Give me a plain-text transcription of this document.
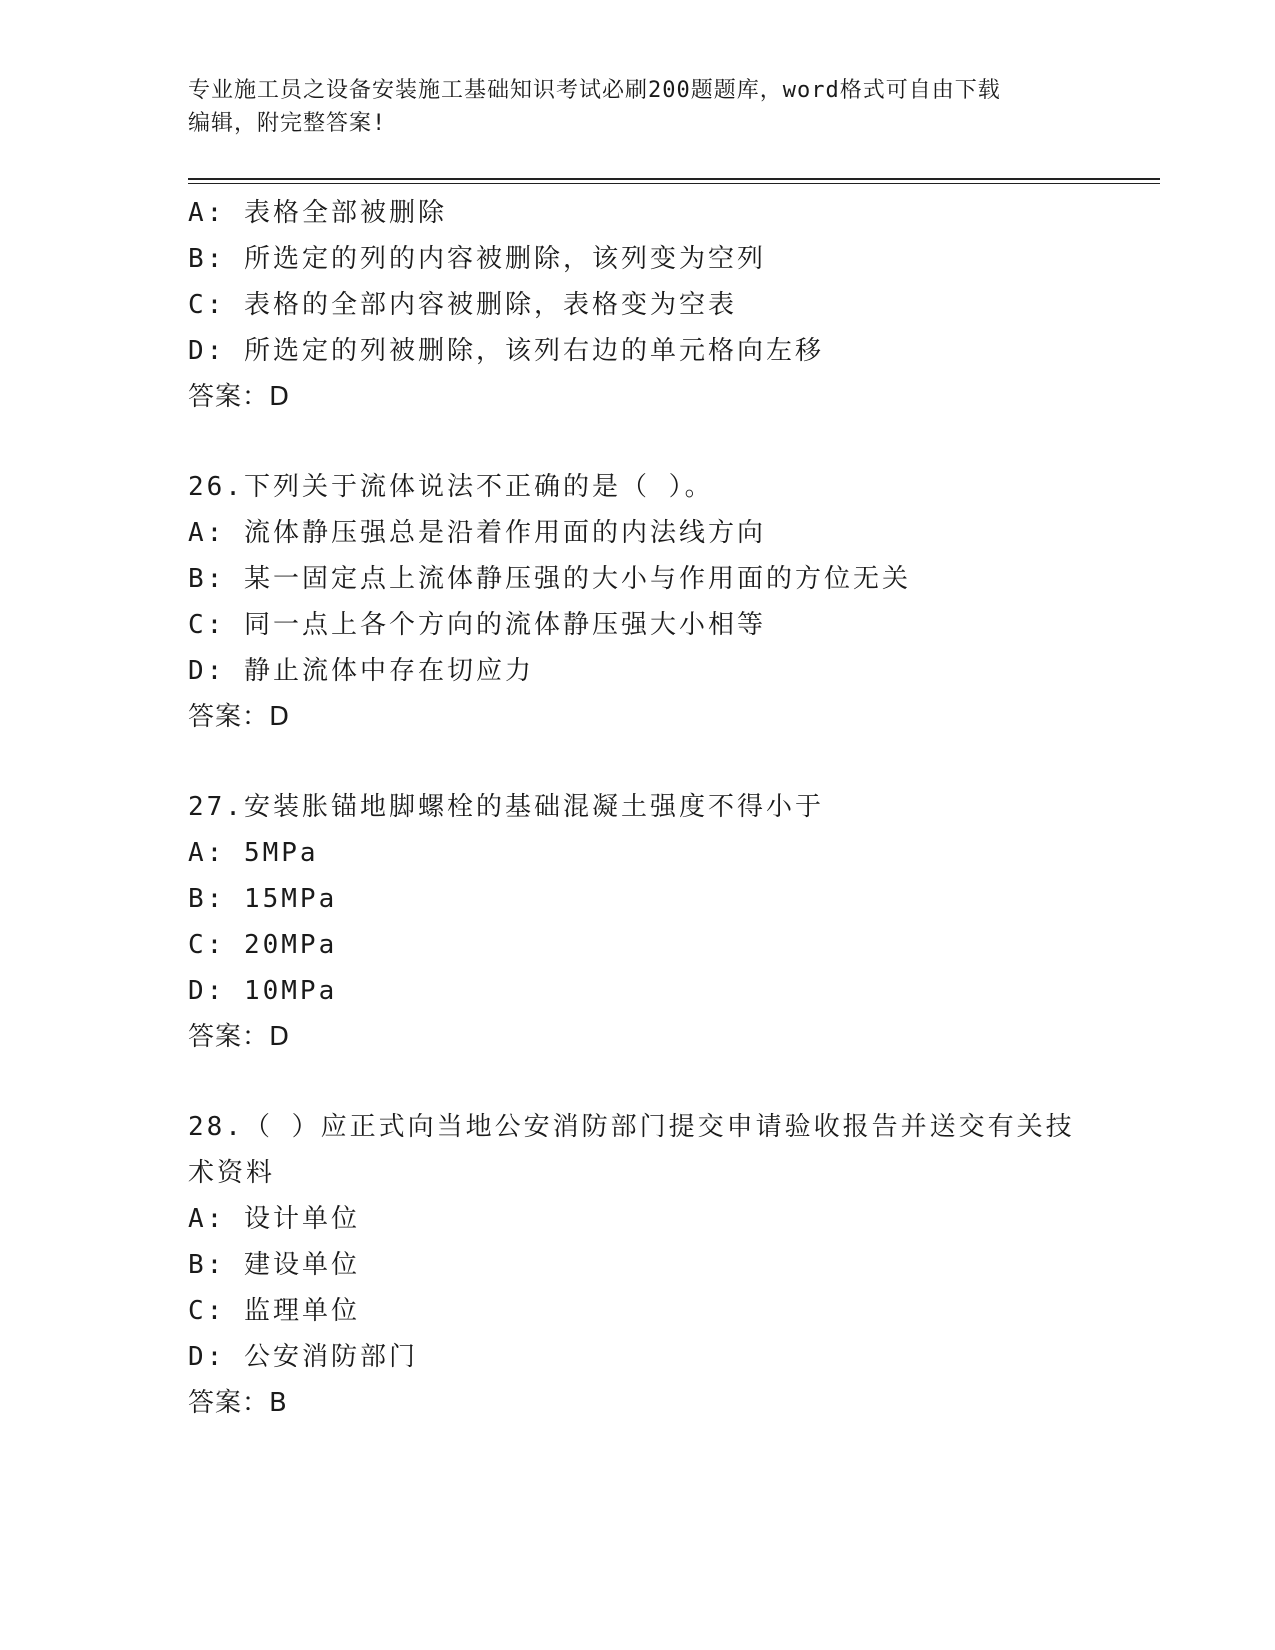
专业施工员之设备安装施工基础知识考试必刷200题题库，word格式可自由下载
编辑，附完整答案!
A: 表格全部被删除
B: 所选定的列的内容被删除，该列变为空列
C: 表格的全部内容被删除，表格变为空表
D: 所选定的列被删除，该列右边的单元格向左移
答案：D
26.下列关于流体说法不正确的是（ ）。
A: 流体静压强总是沿着作用面的内法线方向
B: 某一固定点上流体静压强的大小与作用面的方位无关
C: 同一点上各个方向的流体静压强大小相等
D: 静止流体中存在切应力
答案：D
27.安装胀锚地脚螺栓的基础混凝土强度不得小于
A: 5MPa
B: 15MPa
C: 20MPa
D: 10MPa
答案：D
28.（ ）应正式向当地公安消防部门提交申请验收报告并送交有关技
术资料
A: 设计单位
B: 建设单位
C: 监理单位
D: 公安消防部门
答案：B
